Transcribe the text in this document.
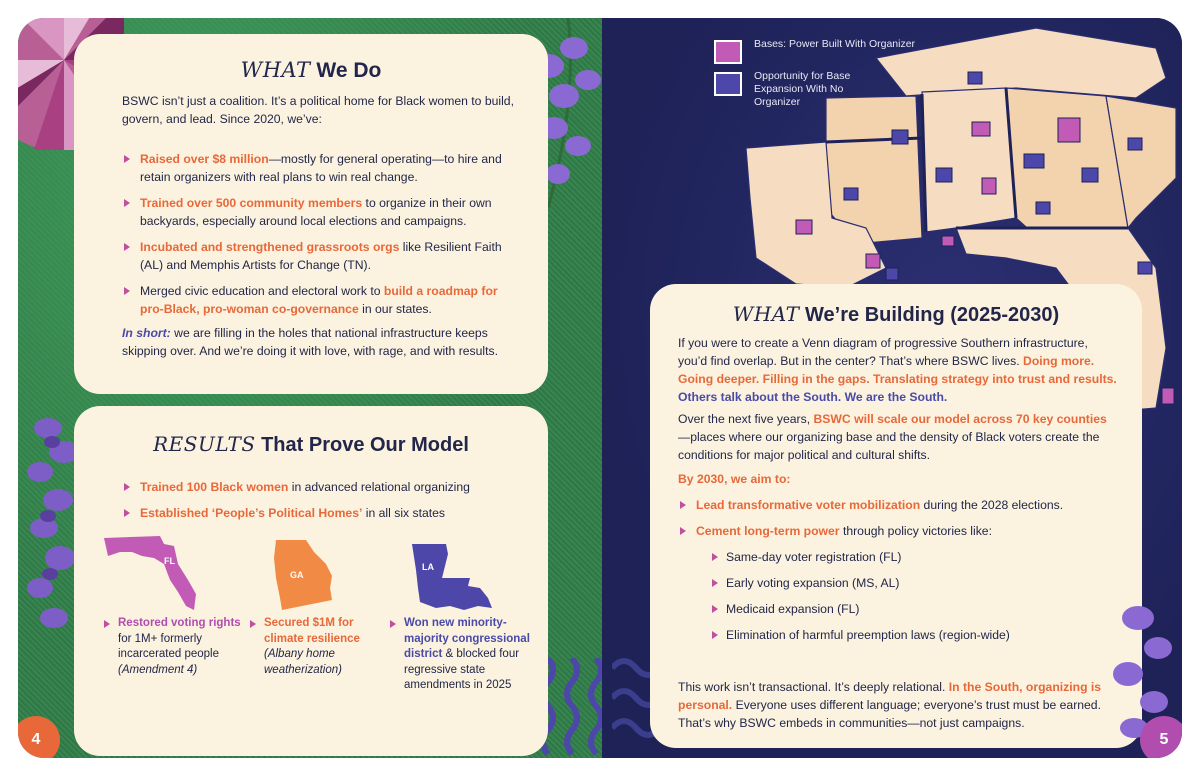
WHAT We Do

BSWC isn’t just a coalition. It’s a political home for Black women to build, govern, and lead. Since 2020, we’ve:

Raised over $8 million—mostly for general operating—to hire and retain organizers with real plans to win real change.
Trained over 500 community members to organize in their own backyards, especially around local elections and campaigns.
Incubated and strengthened grassroots orgs like Resilient Faith (AL) and Memphis Artists for Change (TN).
Merged civic education and electoral work to build a roadmap for pro-Black, pro-woman co-governance in our states.

In short: we are filling in the holes that national infrastructure keeps skipping over. And we’re doing it with love, with rage, and with results.

RESULTS That Prove Our Model
Trained 100 Black women in advanced relational organizing
Established ‘People’s Political Homes’ in all six states
FL
Restored voting rights for 1M+ formerly incarcerated people
(Amendment 4)
GA
Secured $1M for climate resilience
(Albany home weatherization)
LA
Won new minority-majority congressional district & blocked four regressive state amendments in 2025
Bases: Power Built With Organizer
Opportunity for Base Expansion With No Organizer
WHAT We’re Building (2025-2030)

If you were to create a Venn diagram of progressive Southern infrastructure, you’d find overlap. But in the center? That’s where BSWC lives. Doing more. Going deeper. Filling in the gaps. Translating strategy into trust and results. Others talk about the South. We are the South.

Over the next five years, BSWC will scale our model across 70 key counties—places where our organizing base and the density of Black voters create the conditions for major political and cultural shifts.

By 2030, we aim to:

Lead transformative voter mobilization during the 2028 elections.
Cement long-term power through policy victories like:
Same-day voter registration (FL)
Early voting expansion (MS, AL)
Medicaid expansion (FL)
Elimination of harmful preemption laws (region-wide)

This work isn’t transactional. It’s deeply relational. In the South, organizing is personal. Everyone uses different language; everyone’s trust must be earned. That’s why BSWC embeds in communities—not just campaigns.

4	5
